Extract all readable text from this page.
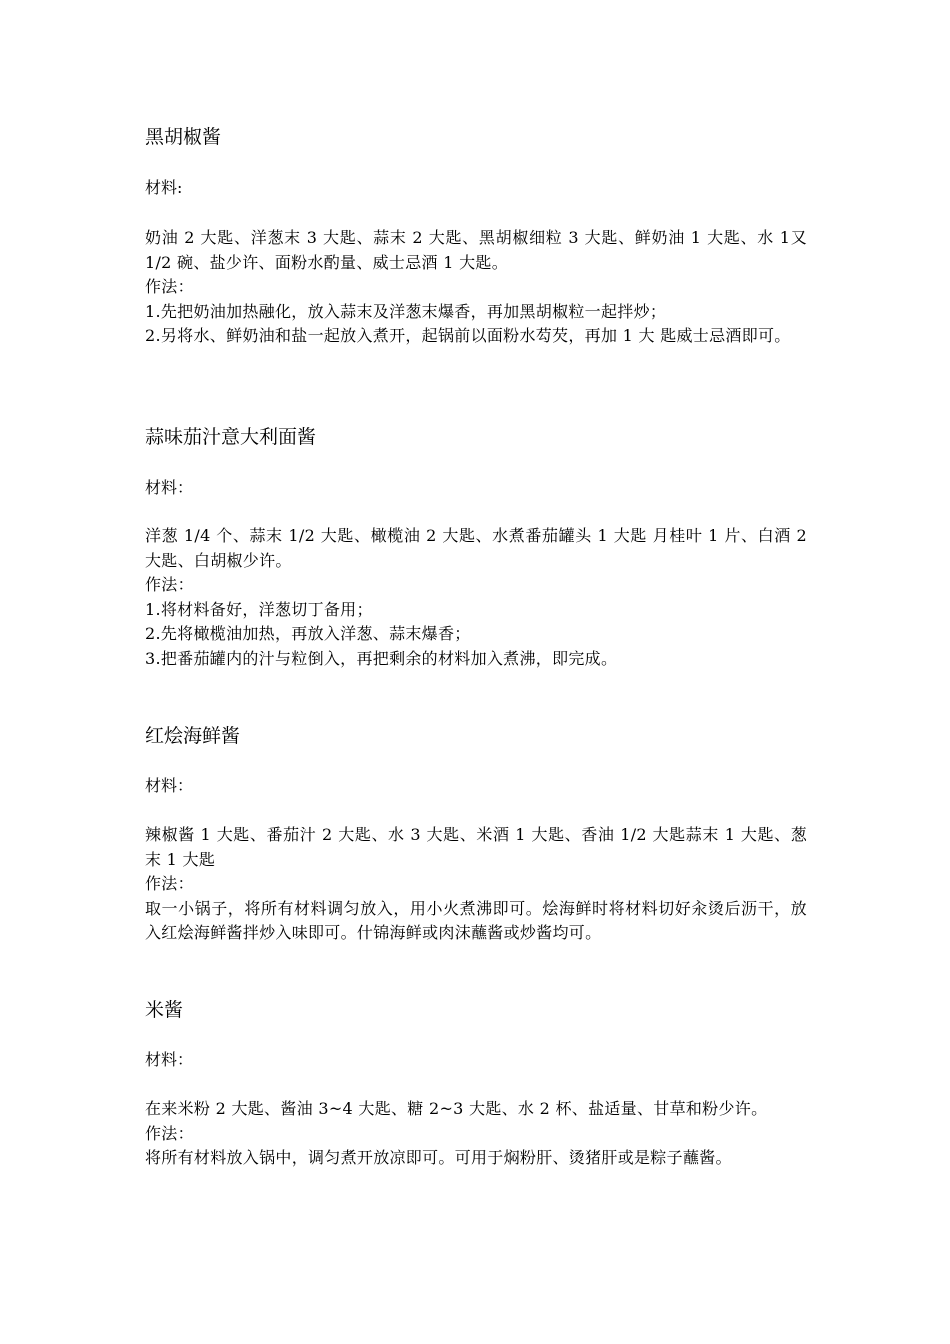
黑胡椒酱
材料:

奶油 2 大匙、洋葱末 3 大匙、蒜末 2 大匙、黑胡椒细粒 3 大匙、鲜奶油 1 大匙、水 1又 1/2 碗、盐少许、面粉水酌量、威士忌酒 1 大匙。

作法：

1.先把奶油加热融化，放入蒜末及洋葱末爆香，再加黑胡椒粒一起拌炒；

2.另将水、鲜奶油和盐一起放入煮开，起锅前以面粉水芶芡，再加 1 大 匙威士忌酒即可。

蒜味茄汁意大利面酱
材料：

洋葱 1/4 个、蒜末 1/2 大匙、橄榄油 2 大匙、水煮番茄罐头 1 大匙 月桂叶 1 片、白酒 2 大匙、白胡椒少许。

作法：

1.将材料备好，洋葱切丁备用；

2.先将橄榄油加热，再放入洋葱、蒜末爆香；

3.把番茄罐内的汁与粒倒入，再把剩余的材料加入煮沸，即完成。

红烩海鲜酱
材料：

辣椒酱 1 大匙、番茄汁 2 大匙、水 3 大匙、米酒 1 大匙、香油 1/2 大匙蒜末 1 大匙、葱末 1 大匙

作法：

取一小锅子，将所有材料调匀放入，用小火煮沸即可。烩海鲜时将材料切好汆烫后沥干，放入红烩海鲜酱拌炒入味即可。什锦海鲜或肉沫蘸酱或炒酱均可。

米酱
材料：

在来米粉 2 大匙、酱油 3~4 大匙、糖 2~3 大匙、水 2 杯、盐适量、甘草和粉少许。

作法：

将所有材料放入锅中，调匀煮开放凉即可。可用于焖粉肝、烫猪肝或是粽子蘸酱。
